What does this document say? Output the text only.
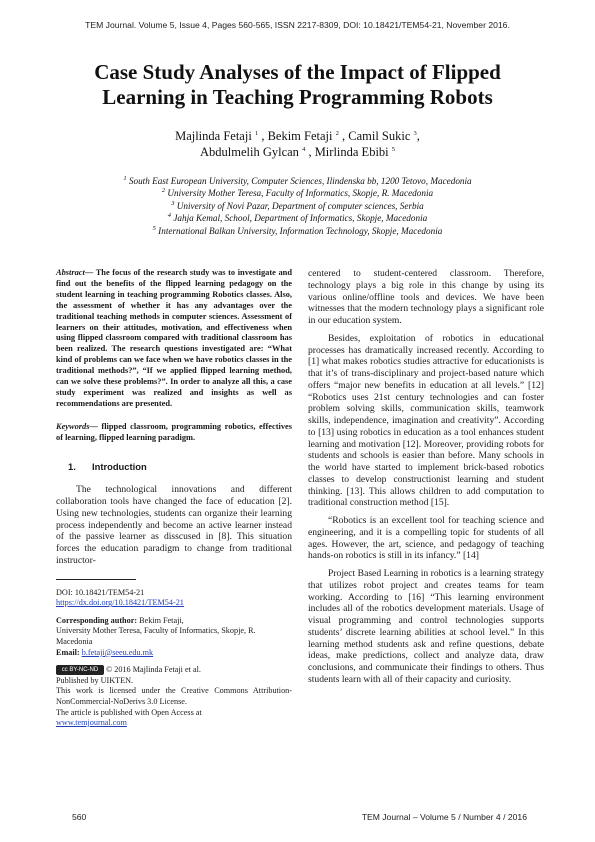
TEM Journal. Volume 5, Issue 4, Pages 560-565, ISSN 2217-8309, DOI: 10.18421/TEM54-21, November 2016.
Case Study Analyses of the Impact of Flipped
Learning in Teaching Programming Robots
Majlinda Fetaji $^1$ , Bekim Fetaji $^2$ , Camil Sukic $^3$,
Abdulmelih Gylcan $^4$ , Mirlinda Ebibi $^5$
$^1$ South East European University, Computer Sciences, Ilindenska bb, 1200 Tetovo, Macedonia
$^2$ University Mother Teresa, Faculty of Informatics, Skopje, R. Macedonia
$^3$ University of Novi Pazar, Department of computer sciences, Serbia
$^4$ Jahja Kemal, School, Department of Informatics, Skopje, Macedonia
$^5$ International Balkan University, Information Technology, Skopje, Macedonia

Abstract— The focus of the research study was to investigate and find out the benefits of the flipped learning pedagogy on the student learning in teaching programming Robotics classes. Also, the assessment of whether it has any advantages over the traditional teaching methods in computer sciences. Assessment of learners on their attitudes, motivation, and effectiveness when using flipped classroom compared with traditional classroom has been realized. The research questions investigated are: “What kind of problems can we face when we have robotics classes in the traditional methods?”, “If we applied flipped learning method, can we solve these problems?”. In order to analyze all this, a case study experiment was realized and insights as well as recommendations are presented.

Keywords— flipped classroom, programming robotics, effectives of learning, flipped learning paradigm.

1. Introduction

The technological innovations and different collaboration tools have changed the face of education [2]. Using new technologies, students can organize their learning process independently and become an active learner instead of the passive learner as disscused in [8]. This situation forces the education paradigm to change from traditional instructor-

DOI: 10.18421/TEM54-21
https://dx.doi.org/10.18421/TEM54-21
Corresponding author: Bekim Fetaji,
University Mother Teresa, Faculty of Informatics, Skopje, R. Macedonia
Email: b.fetaji@seeu.edu.mk
cc BY-NC-ND © 2016 Majlinda Fetaji et al.
Published by UIKTEN.
This work is licensed under the Creative Commons Attribution-NonCommercial-NoDerivs 3.0 License.
The article is published with Open Access at
www.temjournal.com

centered to student-centered classroom. Therefore, technology plays a big role in this change by using its various online/offline tools and devices. We have been witnesses that the modern technology plays a significant role in our education system.

Besides, exploitation of robotics in educational processes has dramatically increased recently. According to [1] what makes robotics studies attractive for educationists is that it’s of trans-disciplinary and project-based nature which offers “major new benefits in education at all levels.” [12] “Robotics uses 21st century technologies and can foster problem solving skills, communication skills, teamwork skills, independence, imagination and creativity”. According to [13] using robotics in education as a tool enhances student learning and motivation [12]. Moreover, providing robots for students and schools is easier than before. Many schools in the world have started to implement brick-based robotics classes to develop constructionist learning and student thinking. [13]. This allows children to add computation to traditional construction method [15].

“Robotics is an excellent tool for teaching science and engineering, and it is a compelling topic for students of all ages. However, the art, science, and pedagogy of teaching hands-on robotics is still in its infancy.” [14]

Project Based Learning in robotics is a learning strategy that utilizes robot project and creates teams for team working. According to [16] “This learning environment includes all of the robotics development materials. Usage of visual programming and control technologies supports students’ discrete learning abilities at school level.” In this learning method students ask and refine questions, debate ideas, make predictions, collect and analyze data, draw conclusions, and communicate their findings to others. Thus students learn with all of their capacity and curiosity.

560	TEM Journal – Volume 5 / Number 4 / 2016
